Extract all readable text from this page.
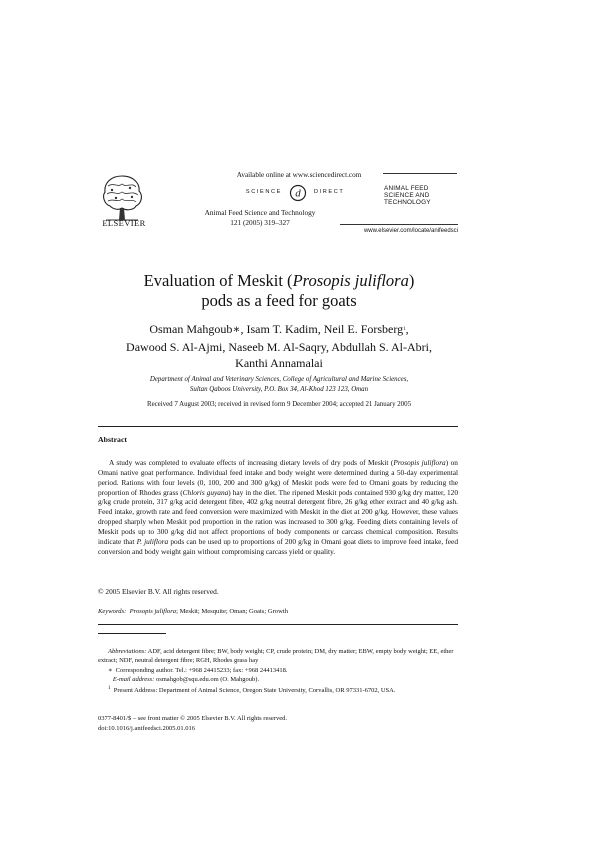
ELSEVIER
Available online at www.sciencedirect.com
SCIENCE d DIRECT
Animal Feed Science and Technology
121 (2005) 319–327
ANIMAL FEED
SCIENCE AND
TECHNOLOGY
www.elsevier.com/locate/anifeedsci
Evaluation of Meskit (Prosopis juliflora)
pods as a feed for goats
Osman Mahgoub∗, Isam T. Kadim, Neil E. Forsberg$^1$,
Dawood S. Al-Ajmi, Naseeb M. Al-Saqry, Abdullah S. Al-Abri,
Kanthi Annamalai
Department of Animal and Veterinary Sciences, College of Agricultural and Marine Sciences,
Sultan Qaboos University, P.O. Box 34, Al-Khod 123 123, Oman
Received 7 August 2003; received in revised form 9 December 2004; accepted 21 January 2005
Abstract

A study was completed to evaluate effects of increasing dietary levels of dry pods of Meskit (Prosopis juliflora) on Omani native goat performance. Individual feed intake and body weight were determined during a 50-day experimental period. Rations with four levels (0, 100, 200 and 300 g/kg) of Meskit pods were fed to Omani goats by reducing the proportion of Rhodes grass (Chloris guyana) hay in the diet. The ripened Meskit pods contained 930 g/kg dry matter, 120 g/kg crude protein, 317 g/kg acid detergent fibre, 402 g/kg neutral detergent fibre, 26 g/kg ether extract and 40 g/kg ash. Feed intake, growth rate and feed conversion were maximized with Meskit in the diet at 200 g/kg. However, these values dropped sharply when Meskit pod proportion in the ration was increased to 300 g/kg. Feeding diets containing levels of Meskit pods up to 300 g/kg did not affect proportions of body components or carcass chemical composition. Results indicate that P. juliflora pods can be used up to proportions of 200 g/kg in Omani goat diets to improve feed intake, feed conversion and body weight gain without compromising carcass yield or quality.

© 2005 Elsevier B.V. All rights reserved.
Keywords: Prosopis juliflora; Meskit; Mesquite; Oman; Goats; Growth

Abbreviations: ADF, acid detergent fibre; BW, body weight; CP, crude protein; DM, dry matter; EBW, empty body weight; EE, ether extract; NDF, neutral detergent fibre; RGH, Rhodes grass hay

∗ Corresponding author. Tel.: +968 24415233; fax: +968 24413418.

E-mail address: osmahgob@squ.edu.om (O. Mahgoub).

$^1$ Present Address: Department of Animal Science, Oregon State University, Corvallis, OR 97331-6702, USA.

0377-8401/$ – see front matter © 2005 Elsevier B.V. All rights reserved.
doi:10.1016/j.anifeedsci.2005.01.016
